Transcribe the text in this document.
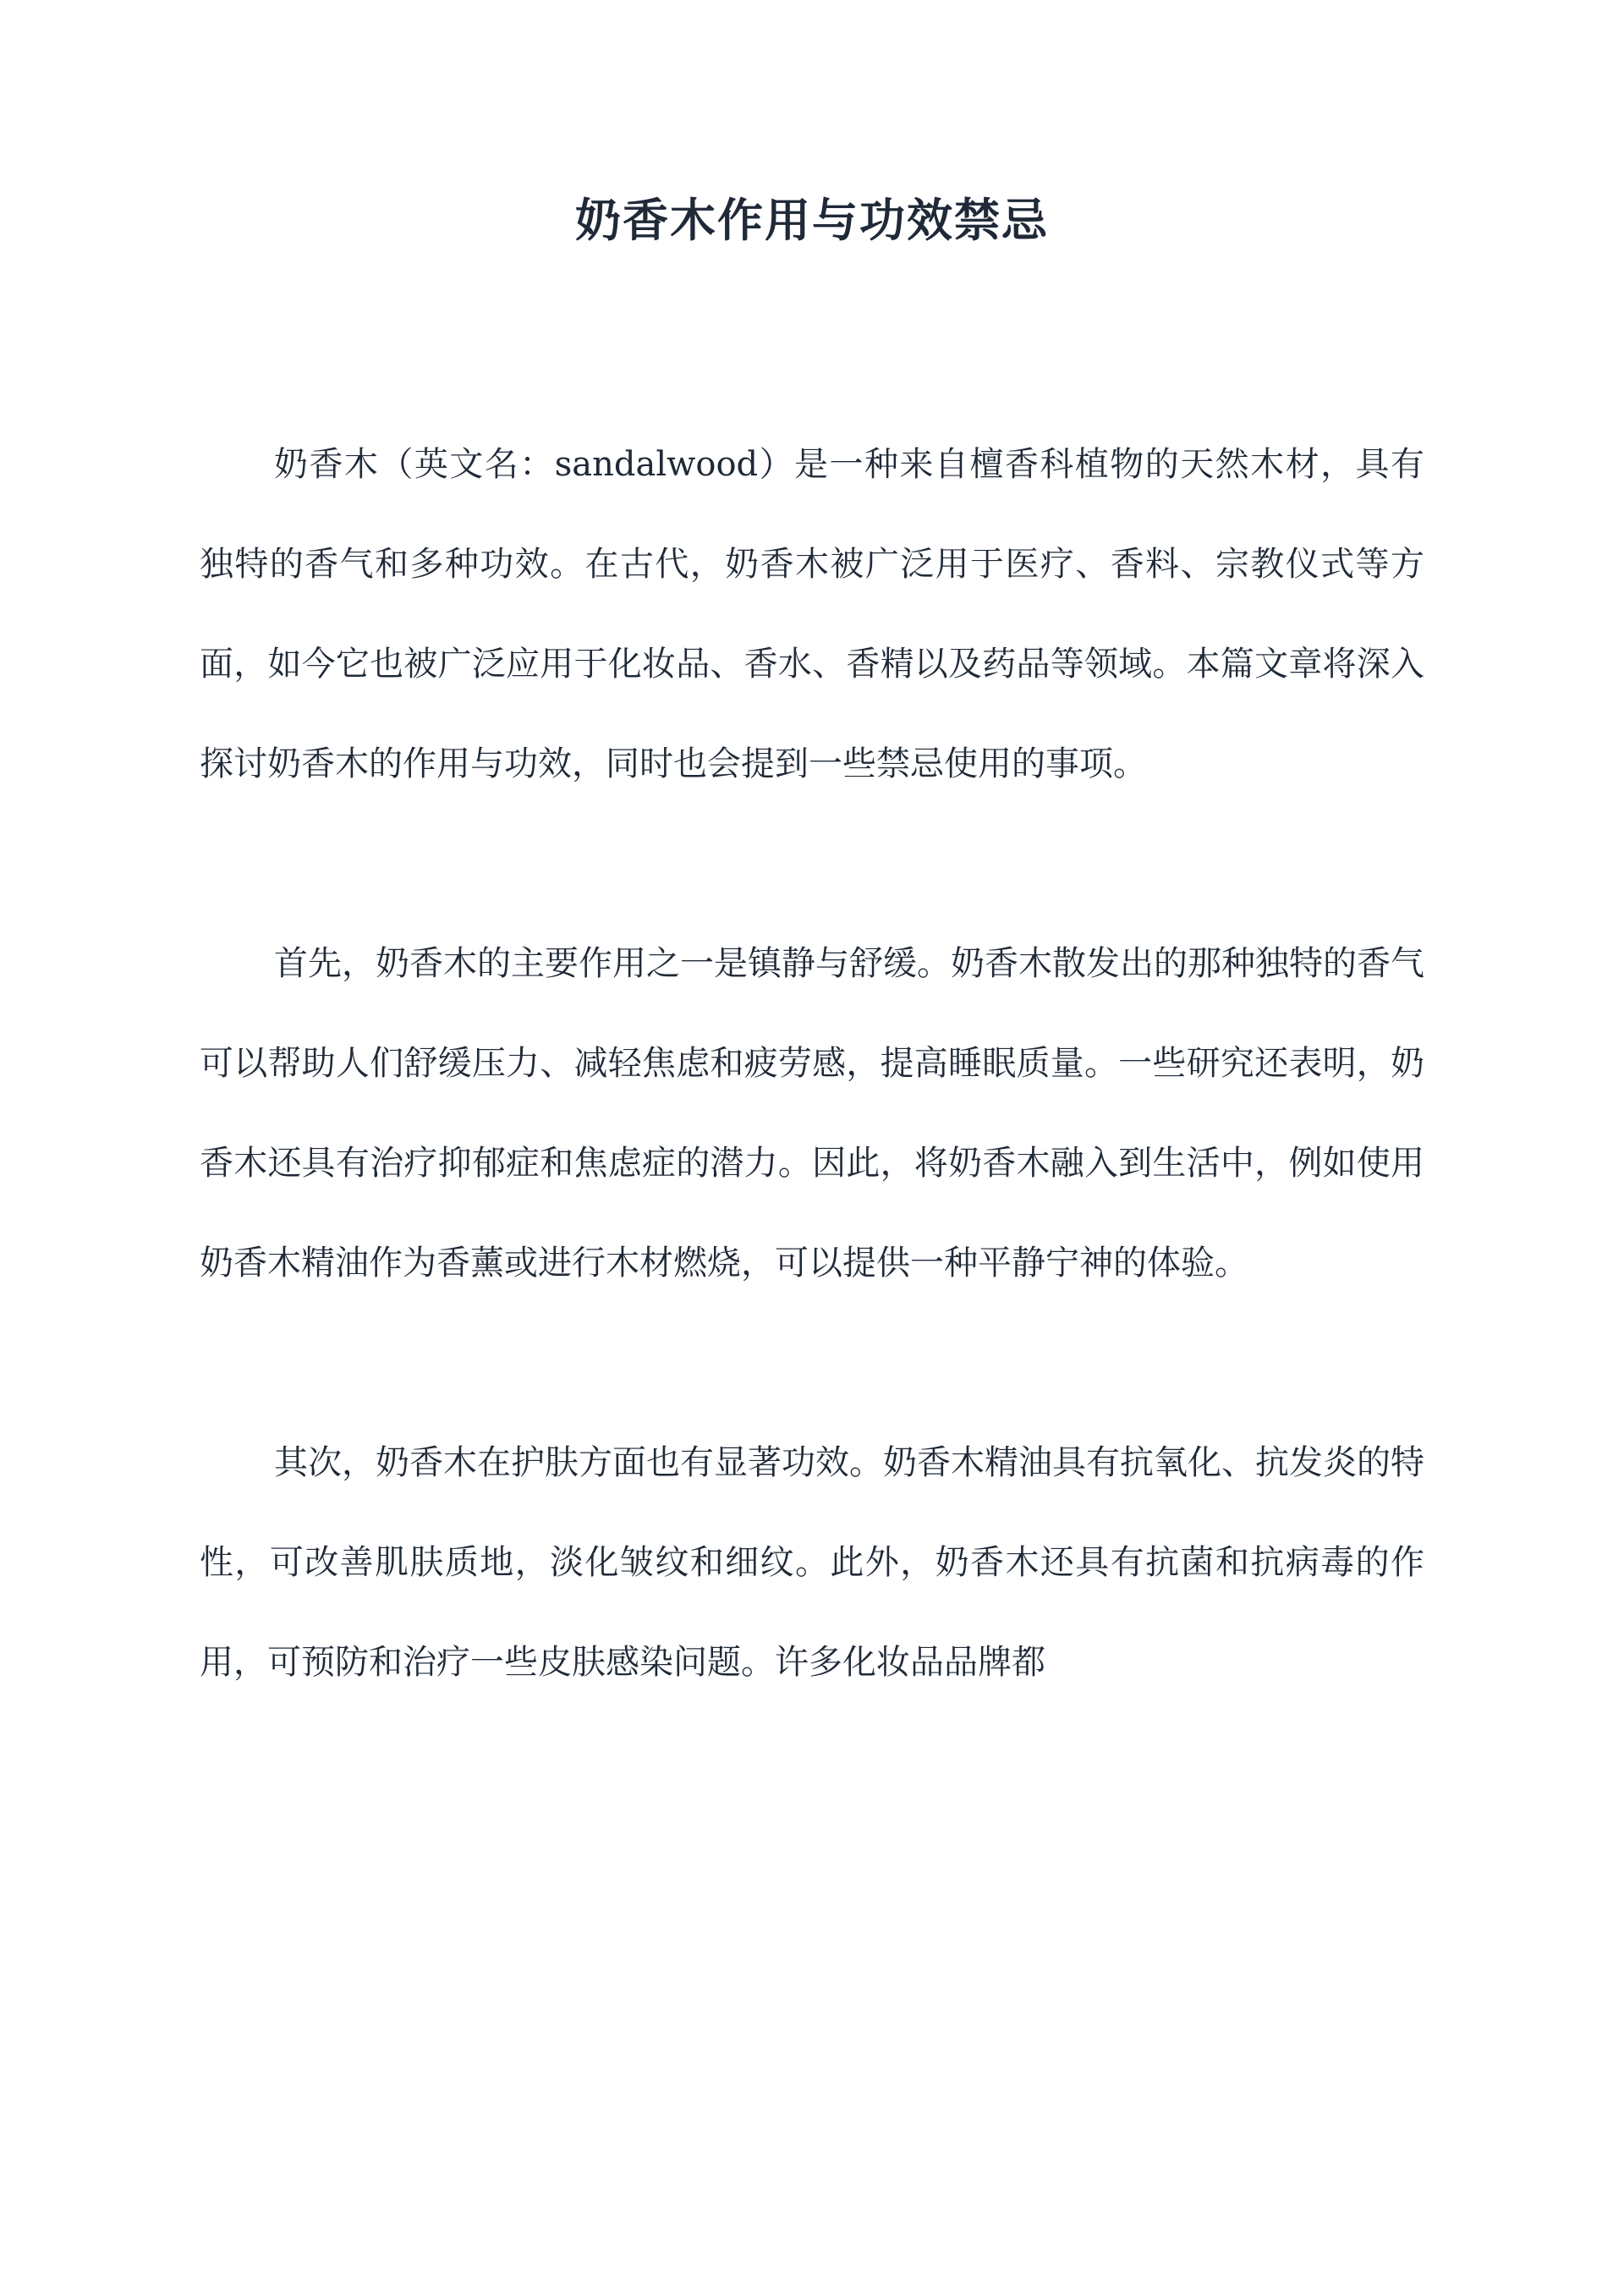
奶香木作用与功效禁忌

奶香木（英文名：sandalwood）是一种来自檀香科植物的天然木材，具有独特的香气和多种功效。在古代，奶香木被广泛用于医疗、香料、宗教仪式等方面，如今它也被广泛应用于化妆品、香水、香精以及药品等领域。本篇文章将深入探讨奶香木的作用与功效，同时也会提到一些禁忌使用的事项。

首先，奶香木的主要作用之一是镇静与舒缓。奶香木散发出的那种独特的香气可以帮助人们舒缓压力、减轻焦虑和疲劳感，提高睡眠质量。一些研究还表明，奶香木还具有治疗抑郁症和焦虑症的潜力。因此，将奶香木融入到生活中，例如使用奶香木精油作为香薰或进行木材燃烧，可以提供一种平静宁神的体验。

其次，奶香木在护肤方面也有显著功效。奶香木精油具有抗氧化、抗发炎的特性，可改善肌肤质地，淡化皱纹和细纹。此外，奶香木还具有抗菌和抗病毒的作用，可预防和治疗一些皮肤感染问题。许多化妆品品牌都
